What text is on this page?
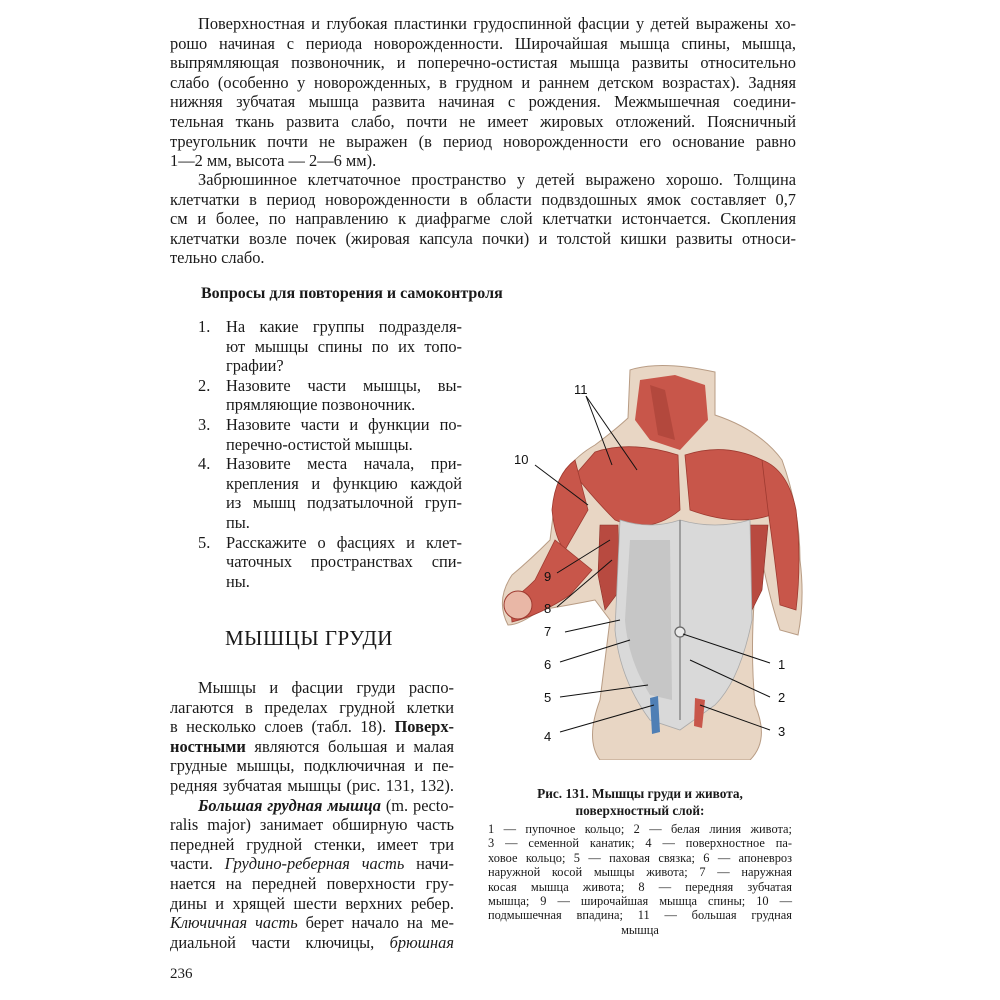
Поверхностная и глубокая пластинки грудоспинной фасции у детей выражены хо-
рошо начиная с периода новорожденности. Широчайшая мышца спины, мышца,
выпрямляющая позвоночник, и поперечно-остистая мышца развиты относительно
слабо (особенно у новорожденных, в грудном и раннем детском возрастах). Задняя
нижняя зубчатая мышца развита начиная с рождения. Межмышечная соедини-
тельная ткань развита слабо, почти не имеет жировых отложений. Поясничный
треугольник почти не выражен (в период новорожденности его основание равно
1—2 мм, высота — 2—6 мм).
Забрюшинное клетчаточное пространство у детей выражено хорошо. Толщина
клетчатки в период новорожденности в области подвздошных ямок составляет 0,7
см и более, по направлению к диафрагме слой клетчатки истончается. Скопления
клетчатки возле почек (жировая капсула почки) и толстой кишки развиты относи-
тельно слабо.
Вопросы для повторения и самоконтроля
1. На какие группы подразделя-
ют мышцы спины по их топо-
графии?
2. Назовите части мышцы, вы-
прямляющие позвоночник.
3. Назовите части и функции по-
перечно-остистой мышцы.
4. Назовите места начала, при-
крепления и функцию каждой
из мышц подзатылочной груп-
пы.
5. Расскажите о фасциях и клет-
чаточных пространствах спи-
ны.
МЫШЦЫ ГРУДИ
Мышцы и фасции груди распо-
лагаются в пределах грудной клетки
в несколько слоев (табл. 18). Поверх-
ностными являются большая и малая
грудные мышцы, подключичная и пе-
редняя зубчатая мышцы (рис. 131, 132).
Большая грудная мышца (m. pecto-
ralis major) занимает обширную часть
передней грудной стенки, имеет три
части. Грудино-реберная часть начи-
нается на передней поверхности гру-
дины и хрящей шести верхних ребер.
Ключичная часть берет начало на ме-
диальной части ключицы, брюшная
11
10
9
8
7
6
5
4
1
2
3
Рис. 131. Мышцы груди и живота,
поверхностный слой:
1 — пупочное кольцо; 2 — белая линия живота;
3 — семенной канатик; 4 — поверхностное па-
ховое кольцо; 5 — паховая связка; 6 — апоневроз
наружной косой мышцы живота; 7 — наружная
косая мышца живота; 8 — передняя зубчатая
мышца; 9 — широчайшая мышца спины; 10 —
подмышечная впадина; 11 — большая грудная
мышца
236
